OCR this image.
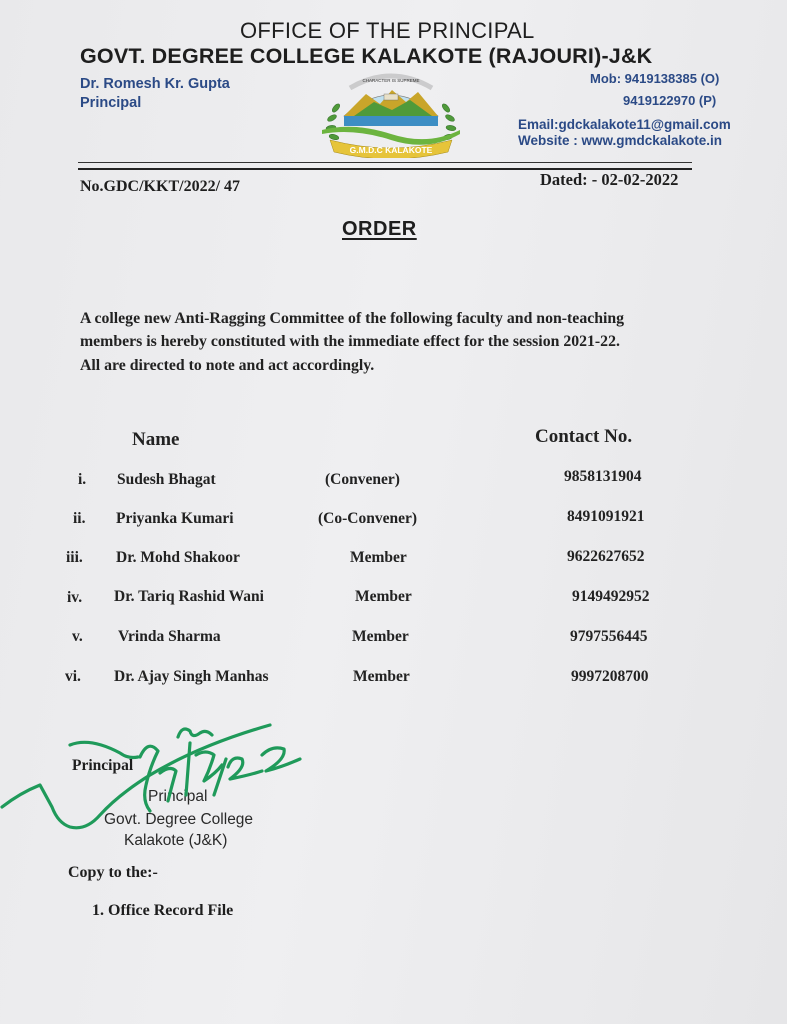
OFFICE OF THE PRINCIPAL
GOVT. DEGREE COLLEGE KALAKOTE (RAJOURI)-J&K
Dr. Romesh Kr. Gupta
Principal
Mob: 9419138385 (O)
9419122970 (P)
Email:gdckalakote11@gmail.com
Website : www.gmdckalakote.in
CHARACTER IS SUPREME
G.M.D.C KALAKOTE
No.GDC/KKT/2022/ 47	Dated: - 02-02-2022
ORDER
A college new Anti-Ragging Committee of the following faculty and non-teaching
members is hereby constituted with the immediate effect for the session 2021-22.
All are directed to note and act accordingly.
Name	Contact No.
i. Sudesh Bhagat	(Convener)	9858131904
ii. Priyanka Kumari	(Co-Convener)	8491091921
iii. Dr. Mohd Shakoor	Member	9622627652
iv. Dr. Tariq Rashid Wani	Member	9149492952
v. Vrinda Sharma	Member	9797556445
vi. Dr. Ajay Singh Manhas	Member	9997208700
Principal
Principal
Govt. Degree College
Kalakote (J&K)
Copy to the:-
1. Office Record File
